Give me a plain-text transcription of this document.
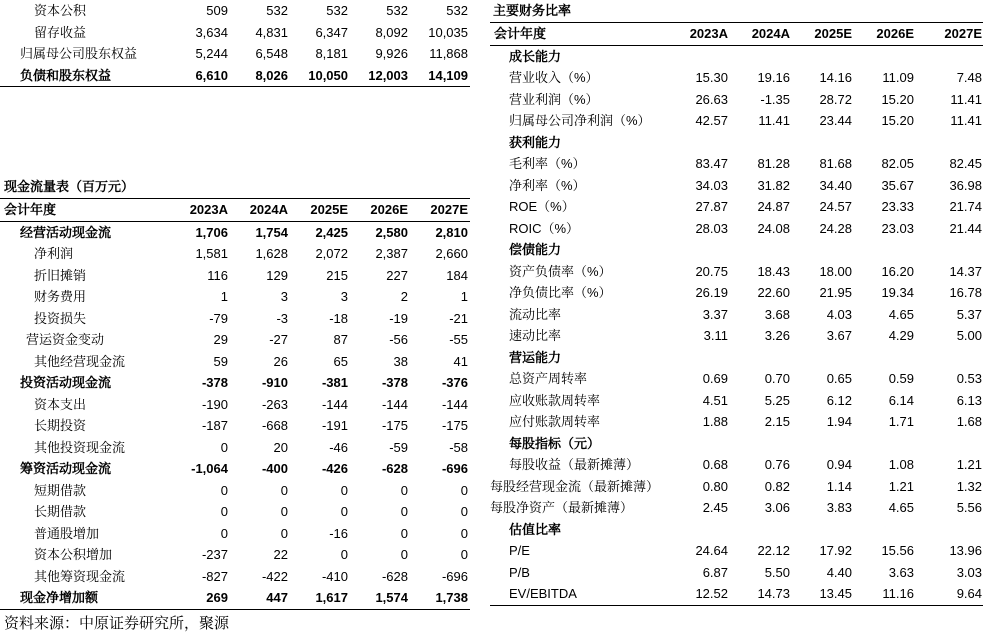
资本公积	509	532	532	532	532
留存收益	3,634 4,831 6,347 8,092 10,035
归属母公司股东权益	5,244 6,548 8,181 9,926 11,868
负债和股东权益	6,610 8,026 10,050 12,003 14,109
现金流量表（百万元）
会计年度	2023A 2024A 2025E 2026E 2027E
经营活动现金流	1,706 1,754 2,425 2,580 2,810
净利润	1,581 1,628 2,072 2,387 2,660
折旧摊销	116	129	215	227	184
财务费用	1	3	3	2	1
投资损失	-79	-3	-18	-19	-21
营运资金变动	29	-27	87	-56	-55
其他经营现金流	59	26	65	38	41
投资活动现金流	-378	-910	-381	-378	-376
资本支出	-190	-263	-144	-144	-144
长期投资	-187	-668	-191	-175	-175
其他投资现金流	0	20	-46	-59	-58
筹资活动现金流	-1,064	-400	-426	-628	-696
短期借款	0	0	0	0	0
长期借款	0	0	0	0	0
普通股增加	0	0	-16	0	0
资本公积增加	-237	22	0	0	0
其他筹资现金流	-827	-422	-410	-628	-696
现金净增加额	269	447 1,617 1,574 1,738
主要财务比率
会计年度	2023A 2024A 2025E 2026E 2027E
成长能力
营业收入（%）	15.30 19.16 14.16 11.09	7.48
营业利润（%）	26.63 -1.35 28.72 15.20	11.41
归属母公司净利润（%）	42.57 11.41 23.44 15.20	11.41
获利能力
毛利率（%）	83.47 81.28 81.68 82.05	82.45
净利率（%）	34.03 31.82 34.40 35.67	36.98
ROE（%）	27.87 24.87 24.57 23.33	21.74
ROIC（%）	28.03 24.08 24.28 23.03	21.44
偿债能力
资产负债率（%）	20.75 18.43 18.00 16.20	14.37
净负债比率（%）	26.19 22.60 21.95 19.34	16.78
流动比率	3.37	3.68	4.03	4.65	5.37
速动比率	3.11	3.26	3.67	4.29	5.00
营运能力
总资产周转率	0.69	0.70	0.65	0.59	0.53
应收账款周转率	4.51	5.25	6.12	6.14	6.13
应付账款周转率	1.88	2.15	1.94	1.71	1.68
每股指标（元）
每股收益（最新摊薄）	0.68	0.76	0.94	1.08	1.21
每股经营现金流（最新摊薄）	0.80	0.82	1.14	1.21	1.32
每股净资产（最新摊薄）	2.45	3.06	3.83	4.65	5.56
估值比率
P/E	24.64 22.12 17.92 15.56	13.96
P/B	6.87	5.50	4.40	3.63	3.03
EV/EBITDA	12.52 14.73 13.45 11.16	9.64
资料来源：中原证券研究所，聚源
